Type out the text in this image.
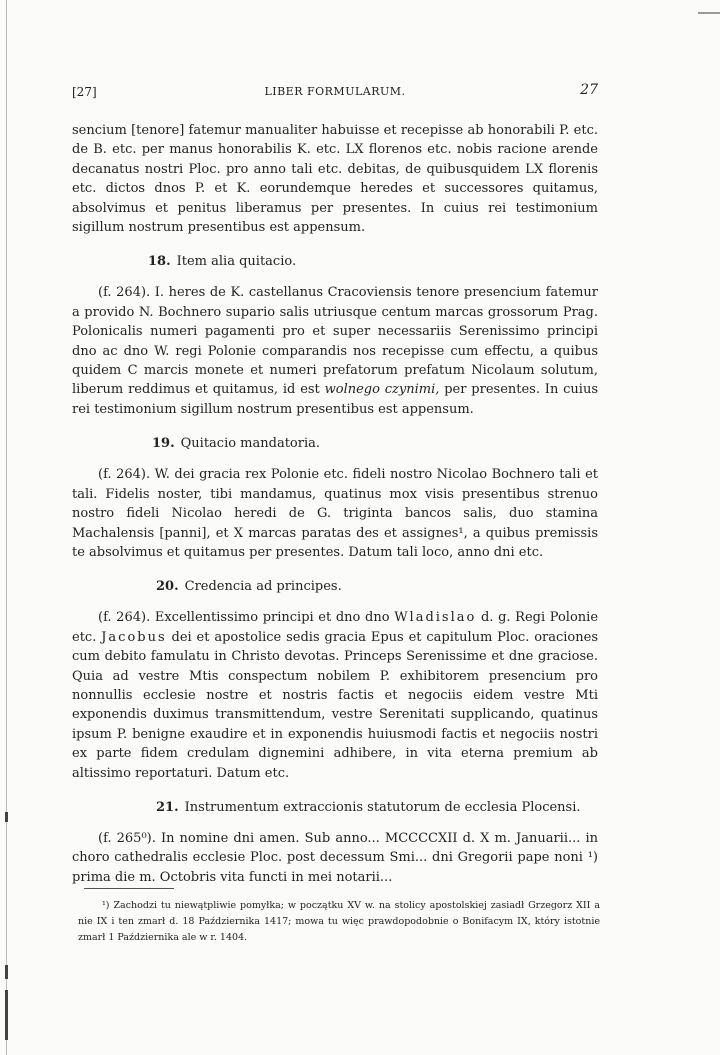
[27]	LIBER FORMULARUM.	27

sencium [tenore] fatemur manualiter habuisse et recepisse ab honorabili P. etc. de B. etc. per manus honorabilis K. etc. LX florenos etc. nobis racione arende decanatus nostri Ploc. pro anno tali etc. debitas, de quibusquidem LX florenis etc. dictos dnos P. et K. eorundemque heredes et successores quitamus, absolvimus et penitus liberamus per presentes. In cuius rei testimonium sigillum nostrum presentibus est appensum.

18. Item alia quitacio.

(f. 264). I. heres de K. castellanus Cracoviensis tenore presencium fatemur a provido N. Bochnero supario salis utriusque centum marcas grossorum Prag. Polonicalis numeri pagamenti pro et super necessariis Serenissimo principi dno ac dno W. regi Polonie comparandis nos recepisse cum effectu, a quibus quidem C marcis monete et numeri prefatorum prefatum Nicolaum solutum, liberum reddimus et quitamus, id est wolnego czynimi, per presentes. In cuius rei testimonium sigillum nostrum presentibus est appensum.

19. Quitacio mandatoria.

(f. 264). W. dei gracia rex Polonie etc. fideli nostro Nicolao Bochnero tali et tali. Fidelis noster, tibi mandamus, quatinus mox visis presentibus strenuo nostro fideli Nicolao heredi de G. triginta bancos salis, duo stamina Machalensis [panni], et X marcas paratas des et assignes¹, a quibus premissis te absolvimus et quitamus per presentes. Datum tali loco, anno dni etc.

20. Credencia ad principes.

(f. 264). Excellentissimo principi et dno dno Wladislao d. g. Regi Polonie etc. Jacobus dei et apostolice sedis gracia Epus et capitulum Ploc. oraciones cum debito famulatu in Christo devotas. Princeps Serenissime et dne graciose. Quia ad vestre Mtis conspectum nobilem P. exhibitorem presencium pro nonnullis ecclesie nostre et nostris factis et negociis eidem vestre Mti exponendis duximus transmittendum, vestre Serenitati supplicando, quatinus ipsum P. benigne exaudire et in exponendis huiusmodi factis et negociis nostri ex parte fidem credulam dignemini adhibere, in vita eterna premium ab altissimo reportaturi. Datum etc.

21. Instrumentum extraccionis statutorum de ecclesia Plocensi.

(f. 265⁰). In nomine dni amen. Sub anno... MCCCCXII d. X m. Januarii... in choro cathedralis ecclesie Ploc. post decessum Smi... dni Gregorii pape noni ¹) prima die m. Octobris vita functi in mei notarii...

¹) Zachodzi tu niewątpliwie pomyłka; w początku XV w. na stolicy apostolskiej zasiadł Grzegorz XII a nie IX i ten zmarł d. 18 Października 1417; mowa tu więc prawdopodobnie o Bonifacym IX, który istotnie zmarł 1 Października ale w r. 1404.
